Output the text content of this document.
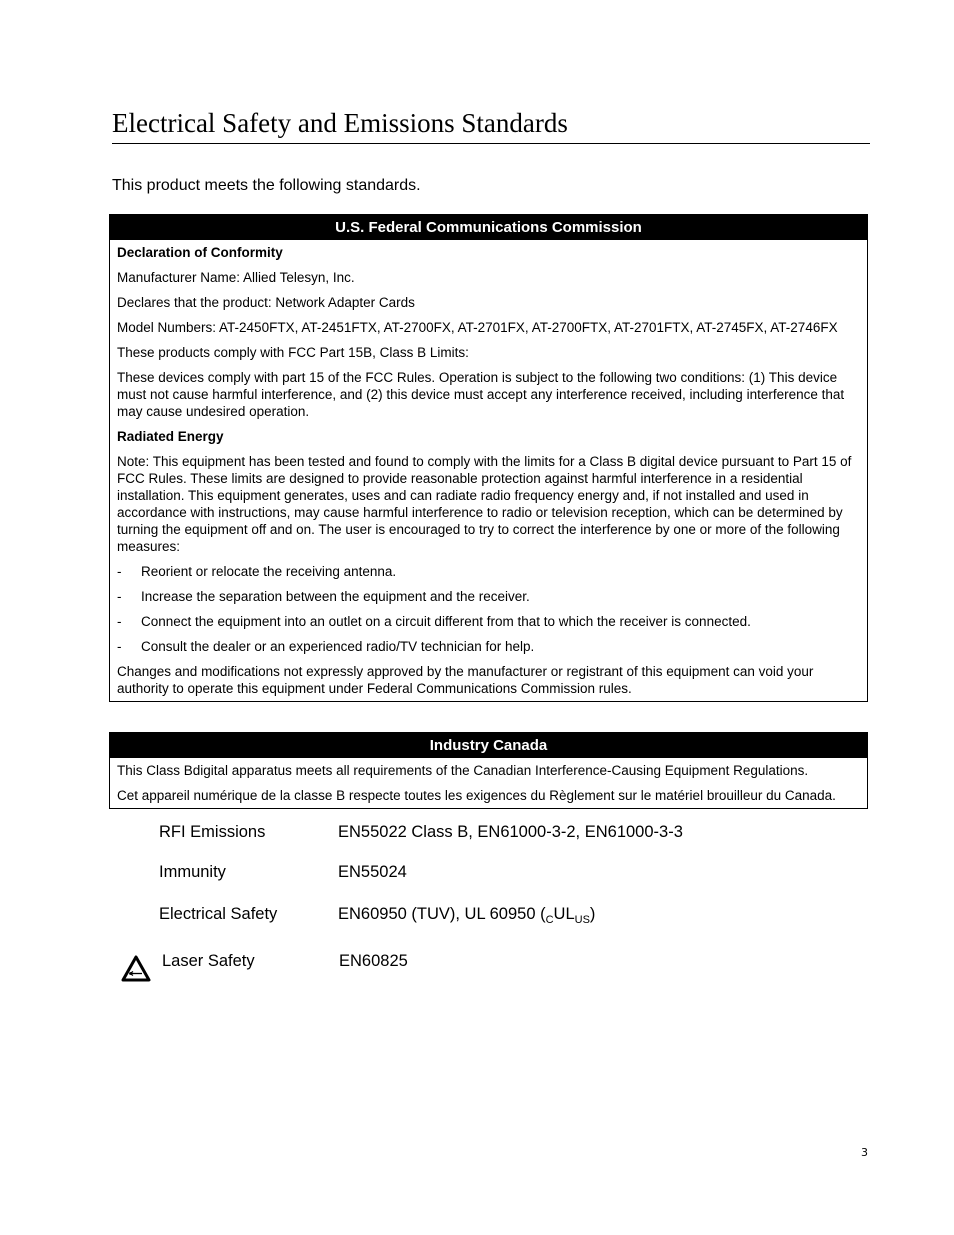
Electrical Safety and Emissions Standards

This product meets the following standards.

U.S. Federal Communications Commission
Declaration of Conformity
Manufacturer Name: Allied Telesyn, Inc.
Declares that the product: Network Adapter Cards
Model Numbers: AT-2450FTX, AT-2451FTX, AT-2700FX, AT-2701FX, AT-2700FTX, AT-2701FTX, AT-2745FX, AT-2746FX
These products comply with FCC Part 15B, Class B Limits:
These devices comply with part 15 of the FCC Rules. Operation is subject to the following two conditions: (1) This device must not cause harmful interference, and (2) this device must accept any interference received, including interference that may cause undesired operation.
Radiated Energy
Note: This equipment has been tested and found to comply with the limits for a Class B digital device pursuant to Part 15 of FCC Rules. These limits are designed to provide reasonable protection against harmful interference in a residential installation. This equipment generates, uses and can radiate radio frequency energy and, if not installed and used in accordance with instructions, may cause harmful interference to radio or television reception, which can be determined by turning the equipment off and on. The user is encouraged to try to correct the interference by one or more of the following measures:
- Reorient or relocate the receiving antenna.
- Increase the separation between the equipment and the receiver.
- Connect the equipment into an outlet on a circuit different from that to which the receiver is connected.
- Consult the dealer or an experienced radio/TV technician for help.
Changes and modifications not expressly approved by the manufacturer or registrant of this equipment can void your authority to operate this equipment under Federal Communications Commission rules.
Industry Canada
This Class Bdigital apparatus meets all requirements of the Canadian Interference-Causing Equipment Regulations.
Cet appareil numérique de la classe B respecte toutes les exigences du Règlement sur le matériel brouilleur du Canada.
RFI Emissions	EN55022 Class B, EN61000-3-2, EN61000-3-3
Immunity	EN55024
Electrical Safety	EN60950 (TUV), UL 60950 $(_CUL_{US})$
Laser Safety	EN60825
3
